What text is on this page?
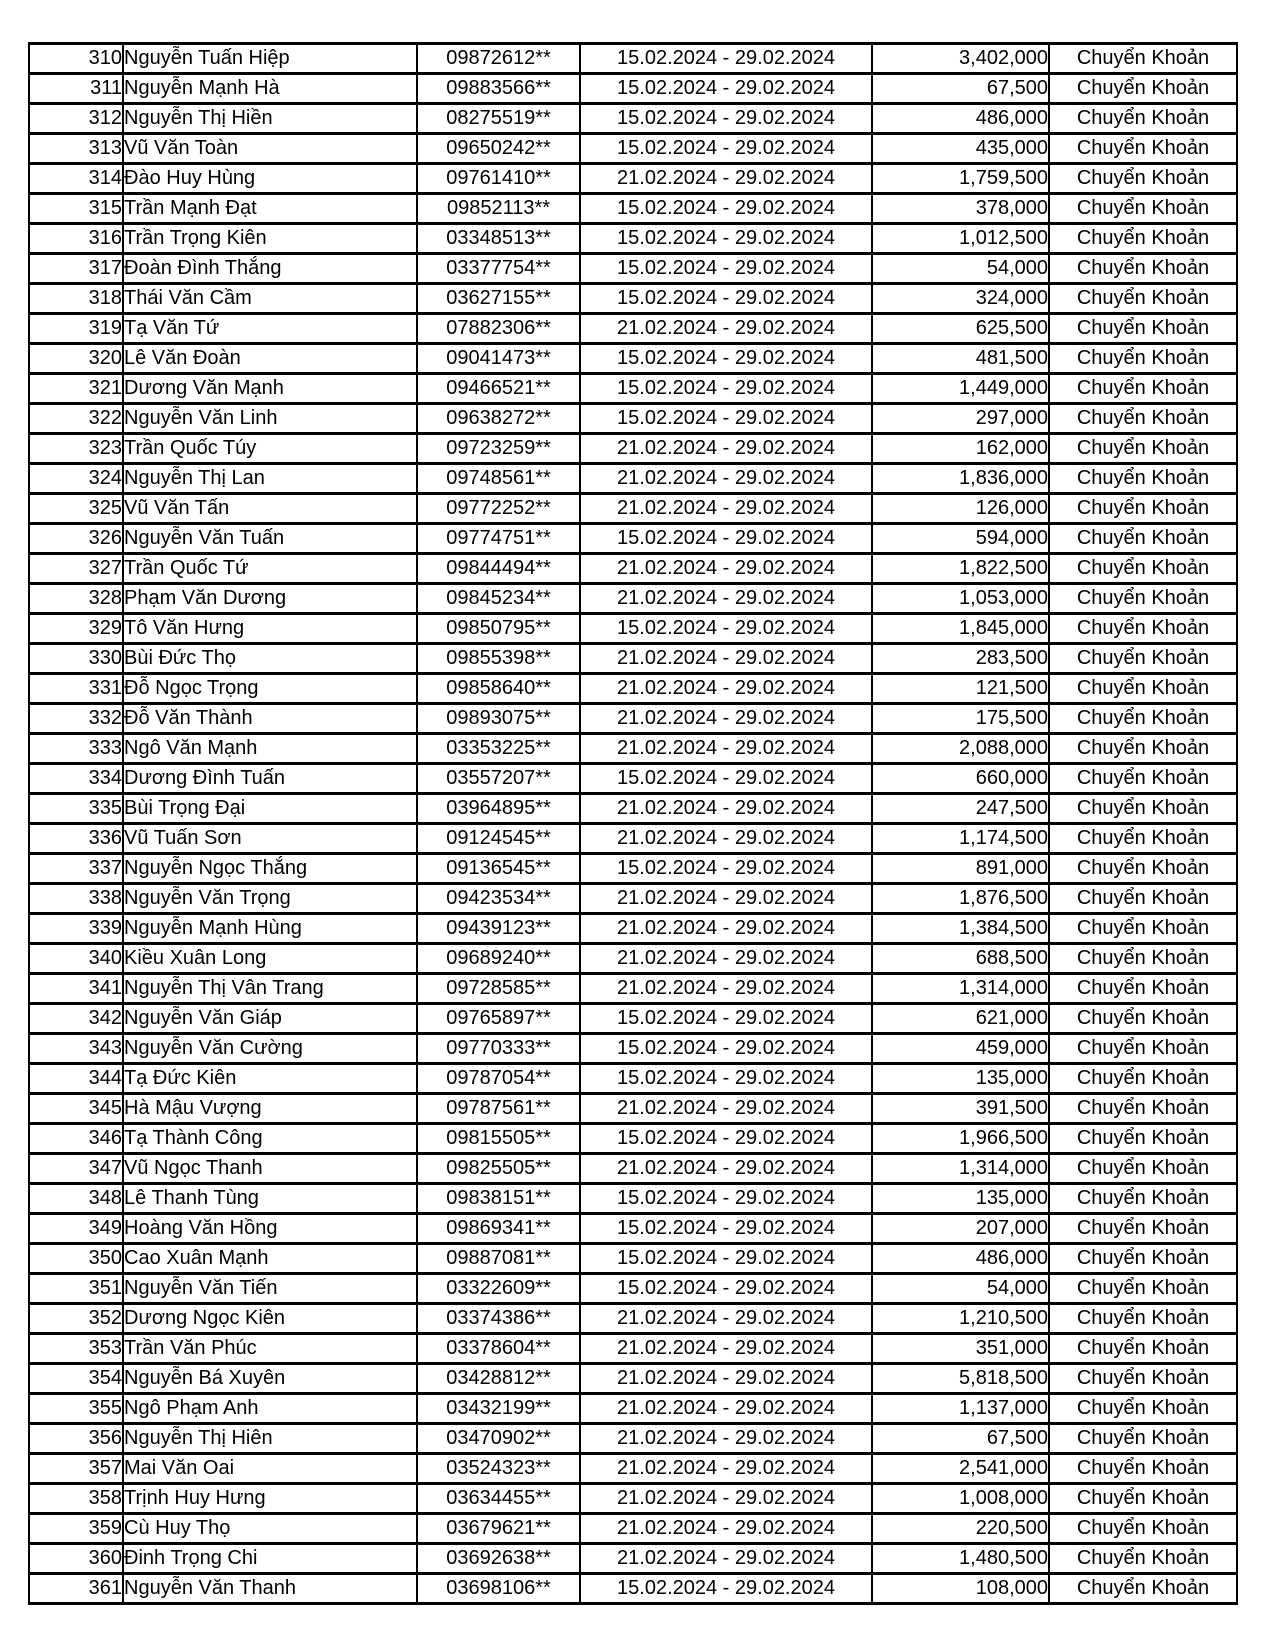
310	Nguyễn Tuấn Hiệp	09872612**	15.02.2024 - 29.02.2024	3,402,000	Chuyển Khoản
311	Nguyễn Mạnh Hà	09883566**	15.02.2024 - 29.02.2024	67,500	Chuyển Khoản
312	Nguyễn Thị Hiền	08275519**	15.02.2024 - 29.02.2024	486,000	Chuyển Khoản
313	Vũ Văn Toàn	09650242**	15.02.2024 - 29.02.2024	435,000	Chuyển Khoản
314	Đào Huy Hùng	09761410**	21.02.2024 - 29.02.2024	1,759,500	Chuyển Khoản
315	Trần Mạnh Đạt	09852113**	15.02.2024 - 29.02.2024	378,000	Chuyển Khoản
316	Trần Trọng Kiên	03348513**	15.02.2024 - 29.02.2024	1,012,500	Chuyển Khoản
317	Đoàn Đình Thắng	03377754**	15.02.2024 - 29.02.2024	54,000	Chuyển Khoản
318	Thái Văn Cầm	03627155**	15.02.2024 - 29.02.2024	324,000	Chuyển Khoản
319	Tạ Văn Tứ	07882306**	21.02.2024 - 29.02.2024	625,500	Chuyển Khoản
320	Lê Văn Đoàn	09041473**	15.02.2024 - 29.02.2024	481,500	Chuyển Khoản
321	Dương Văn Mạnh	09466521**	15.02.2024 - 29.02.2024	1,449,000	Chuyển Khoản
322	Nguyễn Văn Linh	09638272**	15.02.2024 - 29.02.2024	297,000	Chuyển Khoản
323	Trần Quốc Túy	09723259**	21.02.2024 - 29.02.2024	162,000	Chuyển Khoản
324	Nguyễn Thị Lan	09748561**	21.02.2024 - 29.02.2024	1,836,000	Chuyển Khoản
325	Vũ Văn Tấn	09772252**	21.02.2024 - 29.02.2024	126,000	Chuyển Khoản
326	Nguyễn Văn Tuấn	09774751**	15.02.2024 - 29.02.2024	594,000	Chuyển Khoản
327	Trần Quốc Tứ	09844494**	21.02.2024 - 29.02.2024	1,822,500	Chuyển Khoản
328	Phạm Văn Dương	09845234**	21.02.2024 - 29.02.2024	1,053,000	Chuyển Khoản
329	Tô Văn Hưng	09850795**	15.02.2024 - 29.02.2024	1,845,000	Chuyển Khoản
330	Bùi Đức Thọ	09855398**	21.02.2024 - 29.02.2024	283,500	Chuyển Khoản
331	Đỗ Ngọc Trọng	09858640**	21.02.2024 - 29.02.2024	121,500	Chuyển Khoản
332	Đỗ Văn Thành	09893075**	21.02.2024 - 29.02.2024	175,500	Chuyển Khoản
333	Ngô Văn Mạnh	03353225**	21.02.2024 - 29.02.2024	2,088,000	Chuyển Khoản
334	Dương Đình Tuấn	03557207**	15.02.2024 - 29.02.2024	660,000	Chuyển Khoản
335	Bùi Trọng Đại	03964895**	21.02.2024 - 29.02.2024	247,500	Chuyển Khoản
336	Vũ Tuấn Sơn	09124545**	21.02.2024 - 29.02.2024	1,174,500	Chuyển Khoản
337	Nguyễn Ngọc Thắng	09136545**	15.02.2024 - 29.02.2024	891,000	Chuyển Khoản
338	Nguyễn Văn Trọng	09423534**	21.02.2024 - 29.02.2024	1,876,500	Chuyển Khoản
339	Nguyễn Mạnh Hùng	09439123**	21.02.2024 - 29.02.2024	1,384,500	Chuyển Khoản
340	Kiều Xuân Long	09689240**	21.02.2024 - 29.02.2024	688,500	Chuyển Khoản
341	Nguyễn Thị Vân Trang	09728585**	21.02.2024 - 29.02.2024	1,314,000	Chuyển Khoản
342	Nguyễn Văn Giáp	09765897**	15.02.2024 - 29.02.2024	621,000	Chuyển Khoản
343	Nguyễn Văn Cường	09770333**	15.02.2024 - 29.02.2024	459,000	Chuyển Khoản
344	Tạ Đức Kiên	09787054**	15.02.2024 - 29.02.2024	135,000	Chuyển Khoản
345	Hà Mậu Vượng	09787561**	21.02.2024 - 29.02.2024	391,500	Chuyển Khoản
346	Tạ Thành Công	09815505**	15.02.2024 - 29.02.2024	1,966,500	Chuyển Khoản
347	Vũ Ngọc Thanh	09825505**	21.02.2024 - 29.02.2024	1,314,000	Chuyển Khoản
348	Lê Thanh Tùng	09838151**	15.02.2024 - 29.02.2024	135,000	Chuyển Khoản
349	Hoàng Văn Hồng	09869341**	15.02.2024 - 29.02.2024	207,000	Chuyển Khoản
350	Cao Xuân Mạnh	09887081**	15.02.2024 - 29.02.2024	486,000	Chuyển Khoản
351	Nguyễn Văn Tiến	03322609**	15.02.2024 - 29.02.2024	54,000	Chuyển Khoản
352	Dương Ngọc Kiên	03374386**	21.02.2024 - 29.02.2024	1,210,500	Chuyển Khoản
353	Trần Văn Phúc	03378604**	21.02.2024 - 29.02.2024	351,000	Chuyển Khoản
354	Nguyễn Bá Xuyên	03428812**	21.02.2024 - 29.02.2024	5,818,500	Chuyển Khoản
355	Ngô Phạm Anh	03432199**	21.02.2024 - 29.02.2024	1,137,000	Chuyển Khoản
356	Nguyễn Thị Hiên	03470902**	21.02.2024 - 29.02.2024	67,500	Chuyển Khoản
357	Mai Văn Oai	03524323**	21.02.2024 - 29.02.2024	2,541,000	Chuyển Khoản
358	Trịnh Huy Hưng	03634455**	21.02.2024 - 29.02.2024	1,008,000	Chuyển Khoản
359	Cù Huy Thọ	03679621**	21.02.2024 - 29.02.2024	220,500	Chuyển Khoản
360	Đinh Trọng Chi	03692638**	21.02.2024 - 29.02.2024	1,480,500	Chuyển Khoản
361	Nguyễn Văn Thanh	03698106**	15.02.2024 - 29.02.2024	108,000	Chuyển Khoản
